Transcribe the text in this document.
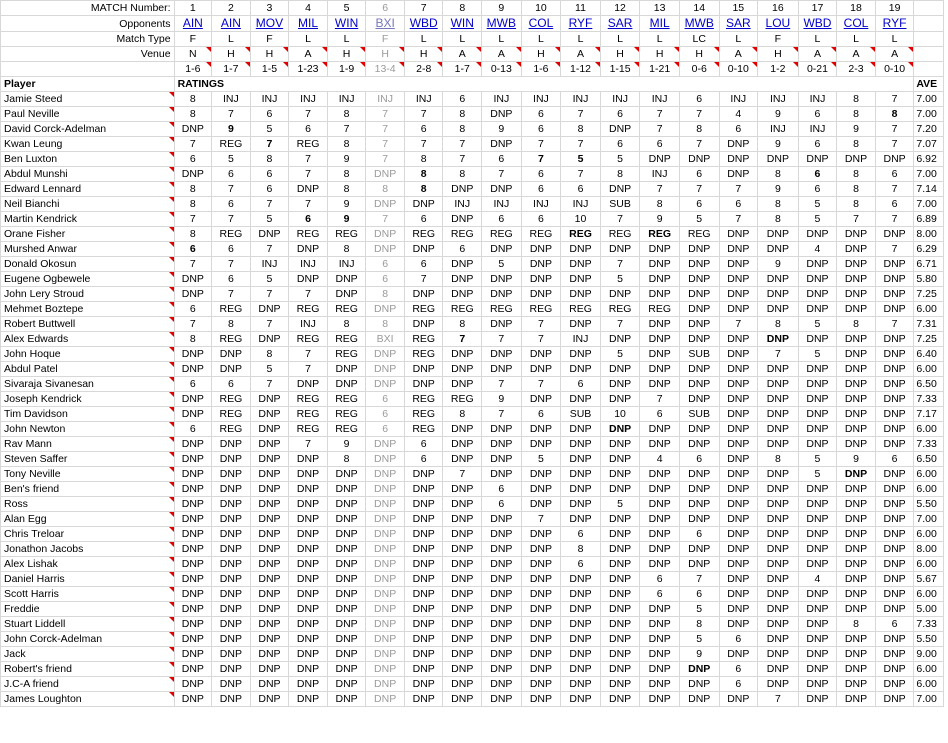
MATCH Number:	1	2	3	4	5	6	7	8	9	10	11	12	13	14	15	16	17	18	19	
Opponents	AIN	AIN	MOV	MIL	WIN	BXI	WBD	WIN	MWB	COL	RYF	SAR	MIL	MWB	SAR	LOU	WBD	COL	RYF	
Match Type	F	L	F	L	L	F	L	L	L	L	L	L	L	LC	L	F	L	L	L	
Venue	N	H	H	A	H	H	H	A	A	H	A	H	H	H	A	H	A	A	A	
	1-6	1-7	1-5	1-23	1-9	13-4	2-8	1-7	0-13	1-6	1-12	1-15	1-21	0-6	0-10	1-2	0-21	2-3	0-10	
Player	RATINGS																			AVE
Jamie Steed	8	INJ	INJ	INJ	INJ	INJ	INJ	6	INJ	INJ	INJ	INJ	INJ	6	INJ	INJ	INJ	8	7	7.00
Paul Neville	8	7	6	7	8	7	7	8	DNP	6	7	6	7	7	4	9	6	8	8	7.00
David Corck-Adelman	DNP	9	5	6	7	7	6	8	9	6	8	DNP	7	8	6	INJ	INJ	9	7	7.20
Kwan Leung	7	REG	7	REG	8	7	7	7	DNP	7	7	6	6	7	DNP	9	6	8	7	7.07
Ben Luxton	6	5	8	7	9	7	8	7	6	7	5	5	DNP	DNP	DNP	DNP	DNP	DNP	DNP	6.92
Abdul Munshi	DNP	6	6	7	8	DNP	8	8	7	6	7	8	INJ	6	DNP	8	6	8	6	7.00
Edward Lennard	8	7	6	DNP	8	8	8	DNP	DNP	6	6	DNP	7	7	7	9	6	8	7	7.14
Neil Bianchi	8	6	7	7	9	DNP	DNP	INJ	INJ	INJ	INJ	SUB	8	6	6	8	5	8	6	7.00
Martin Kendrick	7	7	5	6	9	7	6	DNP	6	6	10	7	9	5	7	8	5	7	7	6.89
Orane Fisher	8	REG	DNP	REG	REG	DNP	REG	REG	REG	REG	REG	REG	REG	REG	DNP	DNP	DNP	DNP	DNP	8.00
Murshed Anwar	6	6	7	DNP	8	DNP	DNP	6	DNP	DNP	DNP	DNP	DNP	DNP	DNP	DNP	4	DNP	7	6.29
Donald Okosun	7	7	INJ	INJ	INJ	6	6	DNP	5	DNP	DNP	7	DNP	DNP	DNP	9	DNP	DNP	DNP	6.71
Eugene Ogbewele	DNP	6	5	DNP	DNP	6	7	DNP	DNP	DNP	DNP	5	DNP	DNP	DNP	DNP	DNP	DNP	DNP	5.80
John Lery Stroud	DNP	7	7	7	DNP	8	DNP	DNP	DNP	DNP	DNP	DNP	DNP	DNP	DNP	DNP	DNP	DNP	DNP	7.25
Mehmet Boztepe	6	REG	DNP	REG	REG	DNP	REG	REG	REG	REG	REG	REG	REG	DNP	DNP	DNP	DNP	DNP	DNP	6.00
Robert Buttwell	7	8	7	INJ	8	8	DNP	8	DNP	7	DNP	7	DNP	DNP	7	8	5	8	7	7.31
Alex Edwards	8	REG	DNP	REG	REG	BXI	REG	7	7	7	INJ	DNP	DNP	DNP	DNP	DNP	DNP	DNP	DNP	7.25
John Hoque	DNP	DNP	8	7	REG	DNP	REG	DNP	DNP	DNP	DNP	5	DNP	SUB	DNP	7	5	DNP	DNP	6.40
Abdul Patel	DNP	DNP	5	7	DNP	DNP	DNP	DNP	DNP	DNP	DNP	DNP	DNP	DNP	DNP	DNP	DNP	DNP	DNP	6.00
Sivaraja Sivanesan	6	6	7	DNP	DNP	DNP	DNP	DNP	7	7	6	DNP	DNP	DNP	DNP	DNP	DNP	DNP	DNP	6.50
Joseph Kendrick	DNP	REG	DNP	REG	REG	6	REG	REG	9	DNP	DNP	DNP	7	DNP	DNP	DNP	DNP	DNP	DNP	7.33
Tim Davidson	DNP	REG	DNP	REG	REG	6	REG	8	7	6	SUB	10	6	SUB	DNP	DNP	DNP	DNP	DNP	7.17
John Newton	6	REG	DNP	REG	REG	6	REG	DNP	DNP	DNP	DNP	DNP	DNP	DNP	DNP	DNP	DNP	DNP	DNP	6.00
Rav Mann	DNP	DNP	DNP	7	9	DNP	6	DNP	DNP	DNP	DNP	DNP	DNP	DNP	DNP	DNP	DNP	DNP	DNP	7.33
Steven Saffer	DNP	DNP	DNP	DNP	8	DNP	6	DNP	DNP	5	DNP	DNP	4	6	DNP	8	5	9	6	6.50
Tony Neville	DNP	DNP	DNP	DNP	DNP	DNP	DNP	7	DNP	DNP	DNP	DNP	DNP	DNP	DNP	DNP	5	DNP	DNP	6.00
Ben's friend	DNP	DNP	DNP	DNP	DNP	DNP	DNP	DNP	6	DNP	DNP	DNP	DNP	DNP	DNP	DNP	DNP	DNP	DNP	6.00
Ross	DNP	DNP	DNP	DNP	DNP	DNP	DNP	DNP	6	DNP	DNP	5	DNP	DNP	DNP	DNP	DNP	DNP	DNP	5.50
Alan Egg	DNP	DNP	DNP	DNP	DNP	DNP	DNP	DNP	DNP	7	DNP	DNP	DNP	DNP	DNP	DNP	DNP	DNP	DNP	7.00
Chris Treloar	DNP	DNP	DNP	DNP	DNP	DNP	DNP	DNP	DNP	DNP	6	DNP	DNP	6	DNP	DNP	DNP	DNP	DNP	6.00
Jonathon Jacobs	DNP	DNP	DNP	DNP	DNP	DNP	DNP	DNP	DNP	DNP	8	DNP	DNP	DNP	DNP	DNP	DNP	DNP	DNP	8.00
Alex Lishak	DNP	DNP	DNP	DNP	DNP	DNP	DNP	DNP	DNP	DNP	6	DNP	DNP	DNP	DNP	DNP	DNP	DNP	DNP	6.00
Daniel Harris	DNP	DNP	DNP	DNP	DNP	DNP	DNP	DNP	DNP	DNP	DNP	DNP	6	7	DNP	DNP	4	DNP	DNP	5.67
Scott Harris	DNP	DNP	DNP	DNP	DNP	DNP	DNP	DNP	DNP	DNP	DNP	DNP	6	6	DNP	DNP	DNP	DNP	DNP	6.00
Freddie	DNP	DNP	DNP	DNP	DNP	DNP	DNP	DNP	DNP	DNP	DNP	DNP	DNP	5	DNP	DNP	DNP	DNP	DNP	5.00
Stuart Liddell	DNP	DNP	DNP	DNP	DNP	DNP	DNP	DNP	DNP	DNP	DNP	DNP	DNP	8	DNP	DNP	DNP	8	6	7.33
John Corck-Adelman	DNP	DNP	DNP	DNP	DNP	DNP	DNP	DNP	DNP	DNP	DNP	DNP	DNP	5	6	DNP	DNP	DNP	DNP	5.50
Jack	DNP	DNP	DNP	DNP	DNP	DNP	DNP	DNP	DNP	DNP	DNP	DNP	DNP	9	DNP	DNP	DNP	DNP	DNP	9.00
Robert's friend	DNP	DNP	DNP	DNP	DNP	DNP	DNP	DNP	DNP	DNP	DNP	DNP	DNP	DNP	6	DNP	DNP	DNP	DNP	6.00
J.C-A friend	DNP	DNP	DNP	DNP	DNP	DNP	DNP	DNP	DNP	DNP	DNP	DNP	DNP	DNP	6	DNP	DNP	DNP	DNP	6.00
James Loughton	DNP	DNP	DNP	DNP	DNP	DNP	DNP	DNP	DNP	DNP	DNP	DNP	DNP	DNP	DNP	7	DNP	DNP	DNP	7.00
